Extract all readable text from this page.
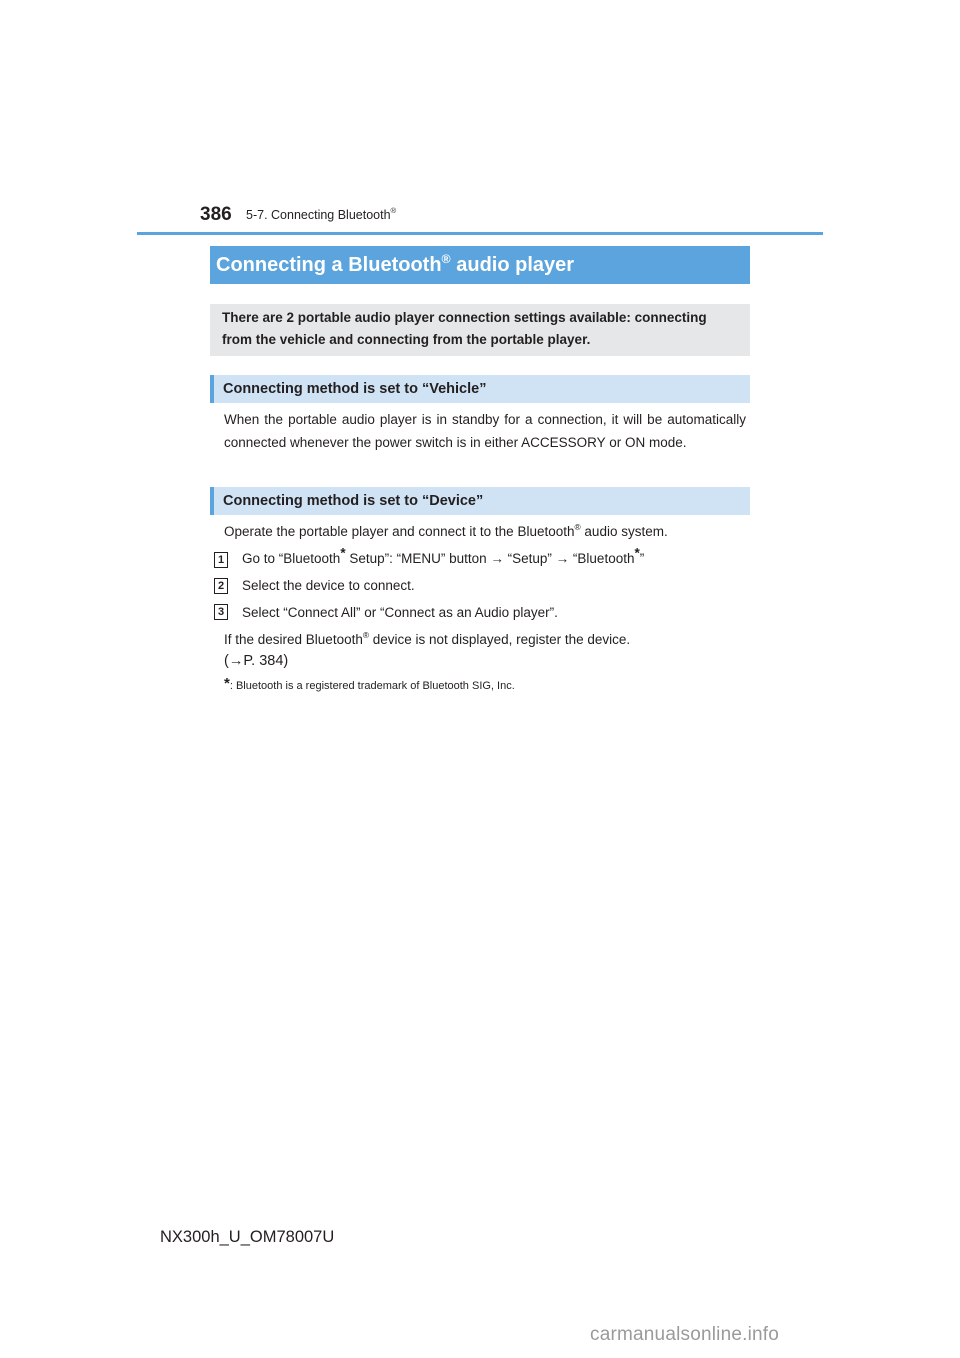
386 5-7. Connecting Bluetooth®
Connecting a Bluetooth® audio player
There are 2 portable audio player connection settings available: connecting from the vehicle and connecting from the portable player.
Connecting method is set to “Vehicle”
When the portable audio player is in standby for a connection, it will be automatically connected whenever the power switch is in either ACCESSORY or ON mode.
Connecting method is set to “Device”
Operate the portable player and connect it to the Bluetooth® audio system.
1 Go to “Bluetooth* Setup”: “MENU” button → “Setup” → “Bluetooth*”
2 Select the device to connect.
3 Select “Connect All” or “Connect as an Audio player”.
If the desired Bluetooth® device is not displayed, register the device.
(→P. 384)
*: Bluetooth is a registered trademark of Bluetooth SIG, Inc.
NX300h_U_OM78007U
carmanualsonline.info
